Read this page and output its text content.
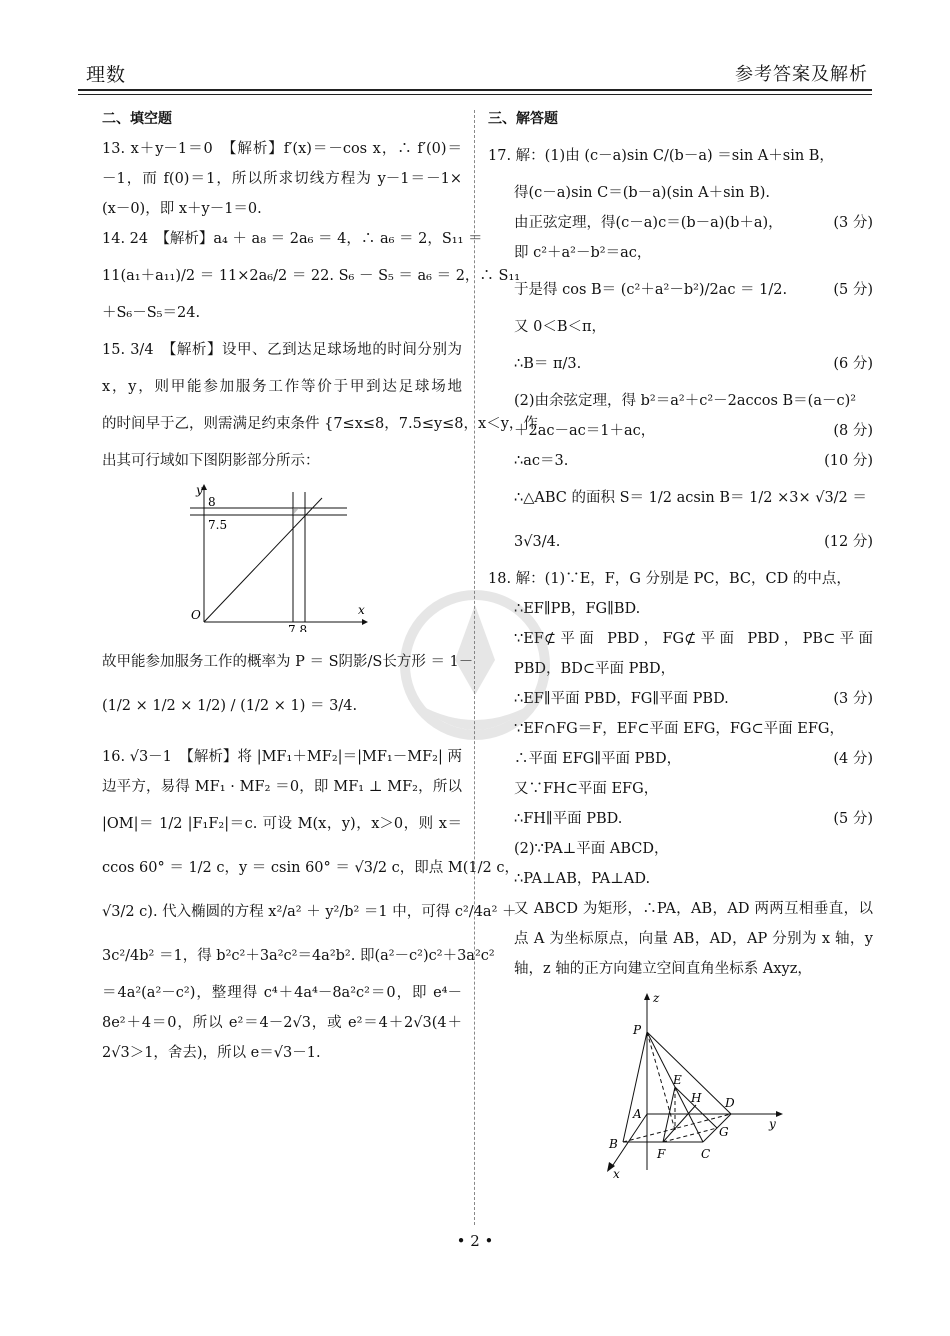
理数	参考答案及解析
二、填空题
13. x＋y－1＝0　【解析】f′(x)＝－cos x，∴ f′(0)＝
－1，而 f(0)＝1，所以所求切线方程为 y－1＝－1×
(x－0)，即 x＋y－1＝0.
14. 24　【解析】a₄ ＋ a₈ ＝ 2a₆ ＝ 4，∴ a₆ ＝ 2，S₁₁ ＝
11(a₁＋a₁₁)/2 ＝ 11×2a₆/2 ＝ 22. S₆ － S₅ ＝ a₆ ＝ 2，∴ S₁₁
＋S₆－S₅＝24.
15. 3/4　【解析】设甲、乙到达足球场地的时间分别为
x，y，则甲能参加服务工作等价于甲到达足球场地
的时间早于乙，则需满足约束条件 {7≤x≤8，7.5≤y≤8，x＜y，作
出其可行域如下图阴影部分所示：
y
x
O
8
7.5
7 8
故甲能参加服务工作的概率为 P ＝ S阴影/S长方形 ＝ 1－
(1/2 × 1/2 × 1/2) / (1/2 × 1) ＝ 3/4.
16. √3－1　【解析】将 |MF₁＋MF₂|＝|MF₁－MF₂| 两
边平方，易得 MF₁ · MF₂ ＝0，即 MF₁ ⊥ MF₂，所以
|OM|＝ 1/2 |F₁F₂|＝c. 可设 M(x，y)，x＞0，则 x＝
ccos 60° ＝ 1/2 c，y ＝ csin 60° ＝ √3/2 c，即点 M(1/2 c，
√3/2 c). 代入椭圆的方程 x²/a² ＋ y²/b² ＝1 中，可得 c²/4a² ＋
3c²/4b² ＝1，得 b²c²＋3a²c²＝4a²b². 即(a²－c²)c²＋3a²c²
＝4a²(a²－c²)，整理得 c⁴＋4a⁴－8a²c²＝0，即 e⁴－
8e²＋4＝0，所以 e²＝4－2√3，或 e²＝4＋2√3(4＋
2√3＞1，舍去)，所以 e＝√3－1.
三、解答题
17. 解：(1)由 (c－a)sin C/(b－a) ＝sin A＋sin B，
得(c－a)sin C＝(b－a)(sin A＋sin B).
由正弦定理，得(c－a)c＝(b－a)(b＋a)，	(3 分)
即 c²＋a²－b²＝ac，
于是得 cos B＝ (c²＋a²－b²)/2ac ＝ 1/2.	(5 分)
又 0＜B＜π，
∴B＝ π/3.	(6 分)
(2)由余弦定理，得 b²＝a²＋c²－2accos B＝(a－c)²
＋2ac－ac＝1＋ac，	(8 分)
∴ac＝3.	(10 分)
∴△ABC 的面积 S＝ 1/2 acsin B＝ 1/2 ×3× √3/2 ＝
3√3/4.	(12 分)
18. 解：(1)∵E，F，G 分别是 PC，BC，CD 的中点，
∴EF∥PB，FG∥BD.
∵EF⊄平面 PBD，FG⊄平面 PBD，PB⊂平面
PBD，BD⊂平面 PBD，
∴EF∥平面 PBD，FG∥平面 PBD.	(3 分)
∵EF∩FG＝F，EF⊂平面 EFG，FG⊂平面 EFG，
∴平面 EFG∥平面 PBD，	(4 分)
又∵FH⊂平面 EFG，
∴FH∥平面 PBD.	(5 分)
(2)∵PA⊥平面 ABCD，
∴PA⊥AB，PA⊥AD.
又 ABCD 为矩形，∴PA，AB，AD 两两互相垂直，以
点 A 为坐标原点，向量 AB，AD，AP 分别为 x 轴，y
轴，z 轴的正方向建立空间直角坐标系 Axyz，
z
P
E
H D
y
A
G
B
F	C
x
• 2 •
